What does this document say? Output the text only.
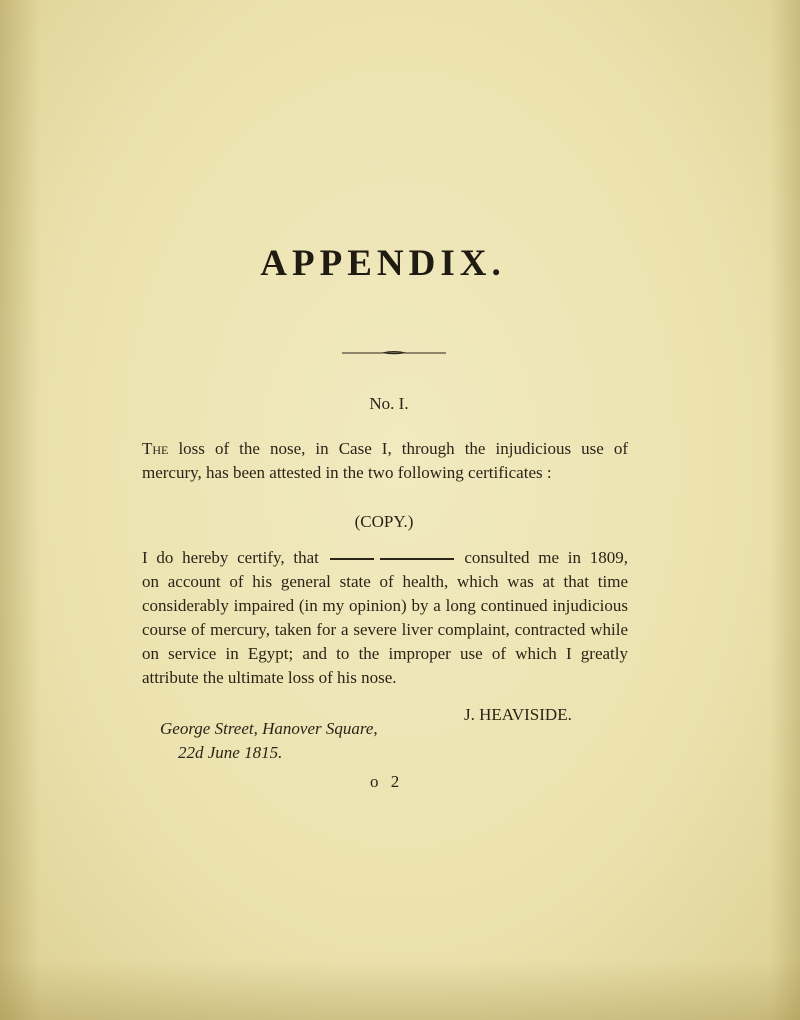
APPENDIX.
No. I.
The loss of the nose, in Case I, through the injudicious use of
mercury, has been attested in the two following certificates :
(COPY.)
I do hereby certify, that	consulted me in 1809,
on account of his general state of health, which was at that time
considerably impaired (in my opinion) by a long continued injudicious
course of mercury, taken for a severe liver complaint, contracted while
on service in Egypt; and to the improper use of which I greatly
attribute the ultimate loss of his nose.
J. HEAVISIDE.
George Street, Hanover Square,
22d June 1815.
o 2
